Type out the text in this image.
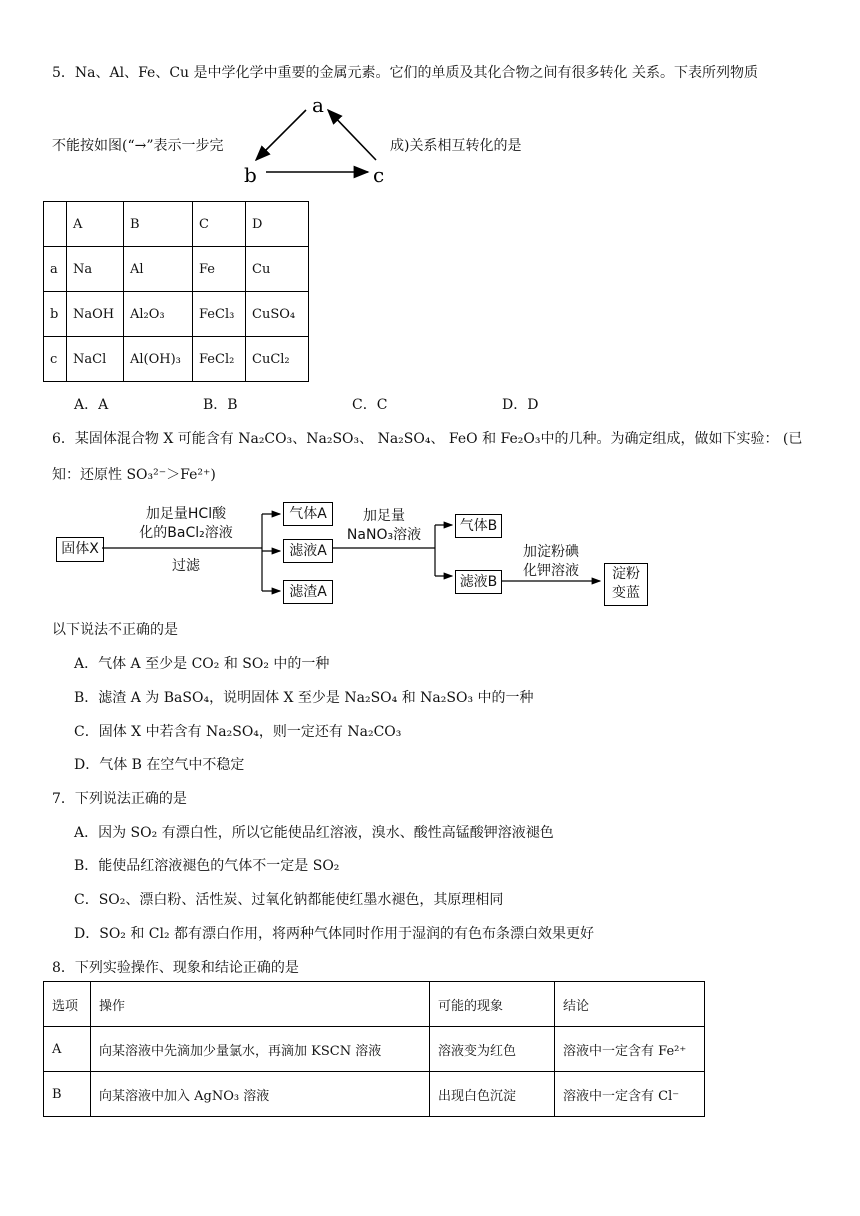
5．Na、Al、Fe、Cu 是中学化学中重要的金属元素。它们的单质及其化合物之间有很多转化 关系。下表所列物质
a
b	c
不能按如图(“→”表示一步完	成)关系相互转化的是
	A	B	C	D
a	Na	Al	Fe	Cu
b	NaOH	Al₂O₃	FeCl₃	CuSO₄
c	NaCl	Al(OH)₃	FeCl₂	CuCl₂
A．A	B．B	C．C	D．D
6．某固体混合物 X 可能含有 Na₂CO₃、Na₂SO₃、 Na₂SO₄、 FeO 和 Fe₂O₃中的几种。为确定组成，做如下实验： (已
知：还原性 SO₃²⁻＞Fe²⁺)
固体X
加足量HCl酸
化的BaCl₂溶液
过滤
气体A
滤液A
滤渣A
加足量
NaNO₃溶液
气体B
滤液B
加淀粉碘
化钾溶液	淀粉
变蓝
以下说法不正确的是
A．气体 A 至少是 CO₂ 和 SO₂ 中的一种
B．滤渣 A 为 BaSO₄，说明固体 X 至少是 Na₂SO₄ 和 Na₂SO₃ 中的一种
C．固体 X 中若含有 Na₂SO₄，则一定还有 Na₂CO₃
D．气体 B 在空气中不稳定
7．下列说法正确的是
A．因为 SO₂ 有漂白性，所以它能使品红溶液，溴水、酸性高锰酸钾溶液褪色
B．能使品红溶液褪色的气体不一定是 SO₂
C．SO₂、漂白粉、活性炭、过氧化钠都能使红墨水褪色，其原理相同
D．SO₂ 和 Cl₂ 都有漂白作用，将两种气体同时作用于湿润的有色布条漂白效果更好
8．下列实验操作、现象和结论正确的是
选项	操作	可能的现象	结论
A	向某溶液中先滴加少量氯水，再滴加 KSCN 溶液	溶液变为红色	溶液中一定含有 Fe²⁺
B	向某溶液中加入 AgNO₃ 溶液	出现白色沉淀	溶液中一定含有 Cl⁻
